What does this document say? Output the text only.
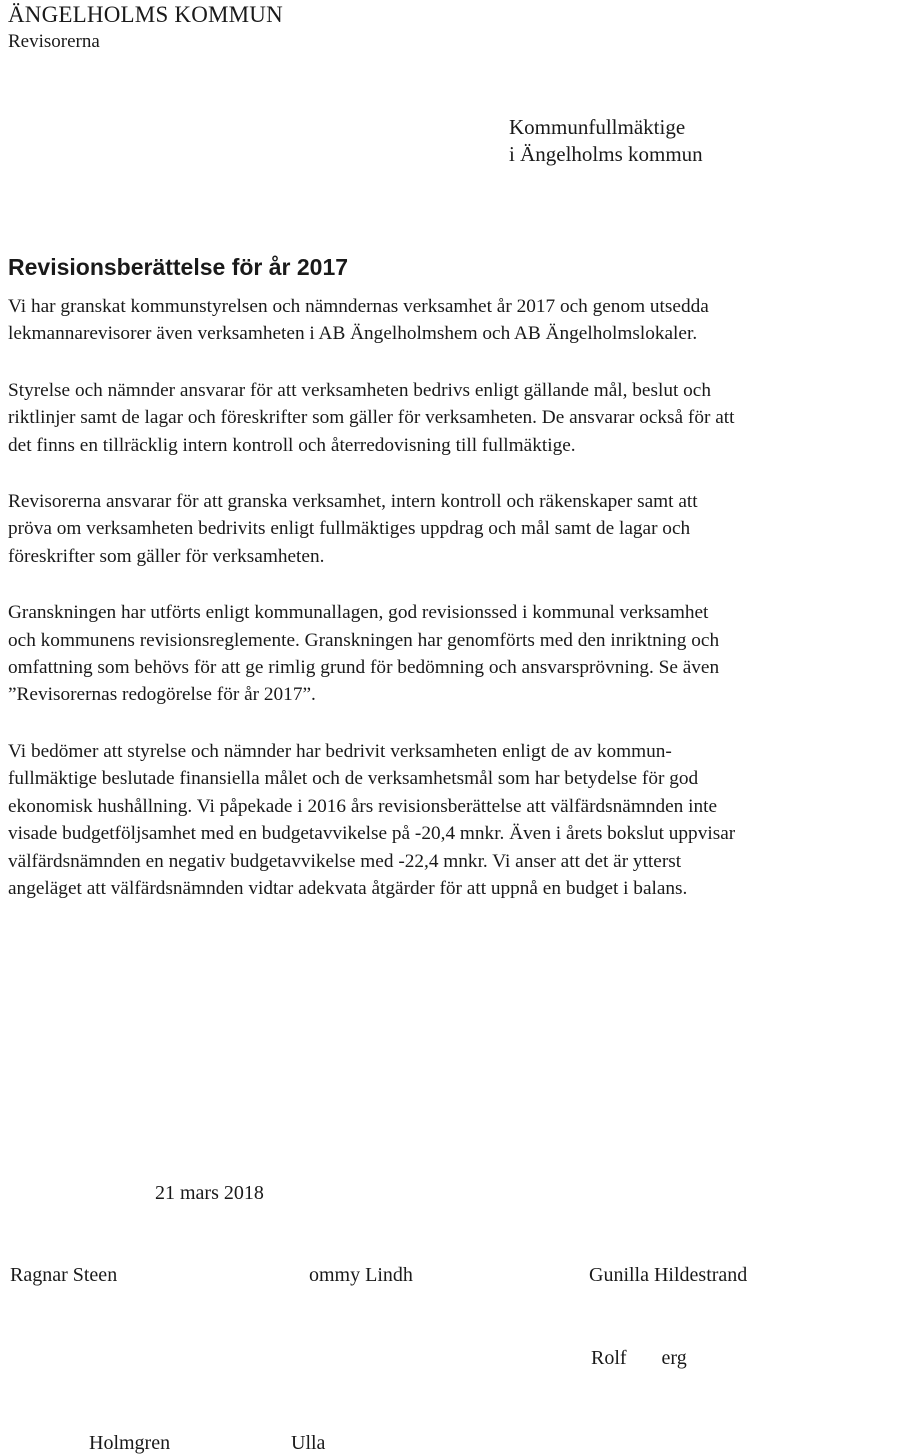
ÄNGELHOLMS KOMMUN
Revisorerna
Kommunfullmäktige
i Ängelholms kommun
Revisionsberättelse för år 2017

Vi har granskat kommunstyrelsen och nämndernas verksamhet år 2017 och genom utsedda
lekmannarevisorer även verksamheten i AB Ängelholmshem och AB Ängelholmslokaler.

Styrelse och nämnder ansvarar för att verksamheten bedrivs enligt gällande mål, beslut och
riktlinjer samt de lagar och föreskrifter som gäller för verksamheten. De ansvarar också för att
det finns en tillräcklig intern kontroll och återredovisning till fullmäktige.

Revisorerna ansvarar för att granska verksamhet, intern kontroll och räkenskaper samt att
pröva om verksamheten bedrivits enligt fullmäktiges uppdrag och mål samt de lagar och
föreskrifter som gäller för verksamheten.

Granskningen har utförts enligt kommunallagen, god revisionssed i kommunal verksamhet
och kommunens revisionsreglemente. Granskningen har genomförts med den inriktning och
omfattning som behövs för att ge rimlig grund för bedömning och ansvarsprövning. Se även
”Revisorernas redogörelse för år 2017”.

Vi bedömer att styrelse och nämnder har bedrivit verksamheten enligt de av kommun-
fullmäktige beslutade finansiella målet och de verksamhetsmål som har betydelse för god
ekonomisk hushållning. Vi påpekade i 2016 års revisionsberättelse att välfärdsnämnden inte
visade budgetföljsamhet med en budgetavvikelse på -20,4 mnkr. Även i årets bokslut uppvisar
välfärdsnämnden en negativ budgetavvikelse med -22,4 mnkr. Vi anser att det är ytterst
angeläget att välfärdsnämnden vidtar adekvata åtgärder för att uppnå en budget i balans.

21 mars 2018
Ragnar Steen	ommy Lindh	Gunilla Hildestrand
Rolf       erg
Holmgren	Ulla
